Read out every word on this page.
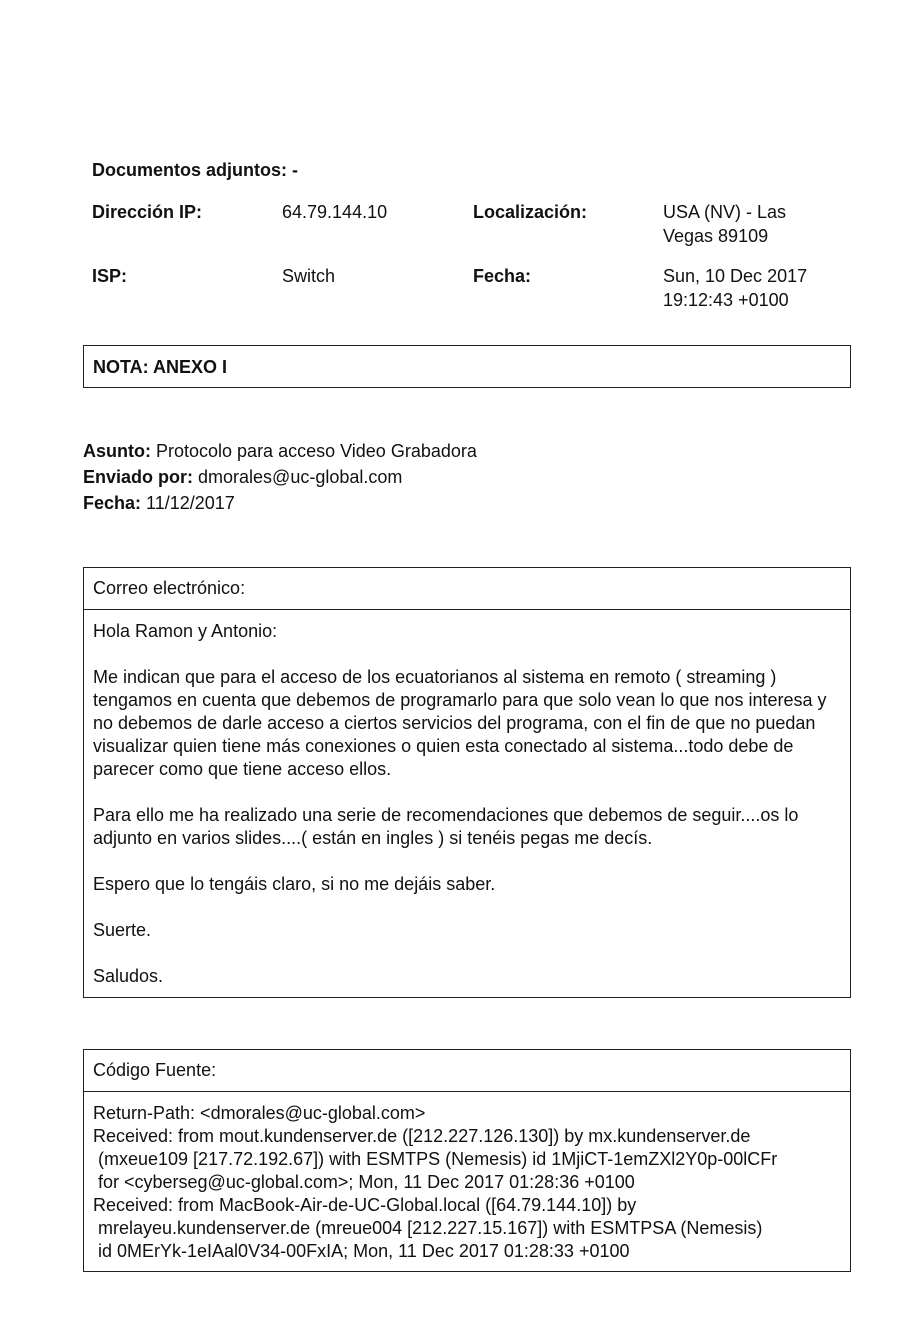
Documentos adjuntos: -
Dirección IP:	64.79.144.10	Localización:	USA (NV) - Las
Vegas 89109
ISP:	Switch	Fecha:	Sun, 10 Dec 2017
19:12:43 +0100
NOTA: ANEXO I
Asunto: Protocolo para acceso Video Grabadora
Enviado por: dmorales@uc-global.com
Fecha: 11/12/2017
Correo electrónico:

Hola Ramon y Antonio:

Me indican que para el acceso de los ecuatorianos al sistema en remoto ( streaming ) tengamos en cuenta que debemos de programarlo para que solo vean lo que nos interesa y no debemos de darle acceso a ciertos servicios del programa, con el fin de que no puedan visualizar quien tiene más conexiones o quien esta conectado al sistema...todo debe de parecer como que tiene acceso ellos.

Para ello me ha realizado una serie de recomendaciones que debemos de seguir....os lo adjunto en varios slides....( están en ingles ) si tenéis pegas me decís.

Espero que lo tengáis claro, si no me dejáis saber.

Suerte.

Saludos.

Código Fuente:
Return-Path: <dmorales@uc-global.com>
Received: from mout.kundenserver.de ([212.227.126.130]) by mx.kundenserver.de
(mxeue109 [217.72.192.67]) with ESMTPS (Nemesis) id 1MjiCT-1emZXl2Y0p-00lCFr
for <cyberseg@uc-global.com>; Mon, 11 Dec 2017 01:28:36 +0100
Received: from MacBook-Air-de-UC-Global.local ([64.79.144.10]) by
mrelayeu.kundenserver.de (mreue004 [212.227.15.167]) with ESMTPSA (Nemesis)
id 0MErYk-1eIAal0V34-00FxIA; Mon, 11 Dec 2017 01:28:33 +0100
